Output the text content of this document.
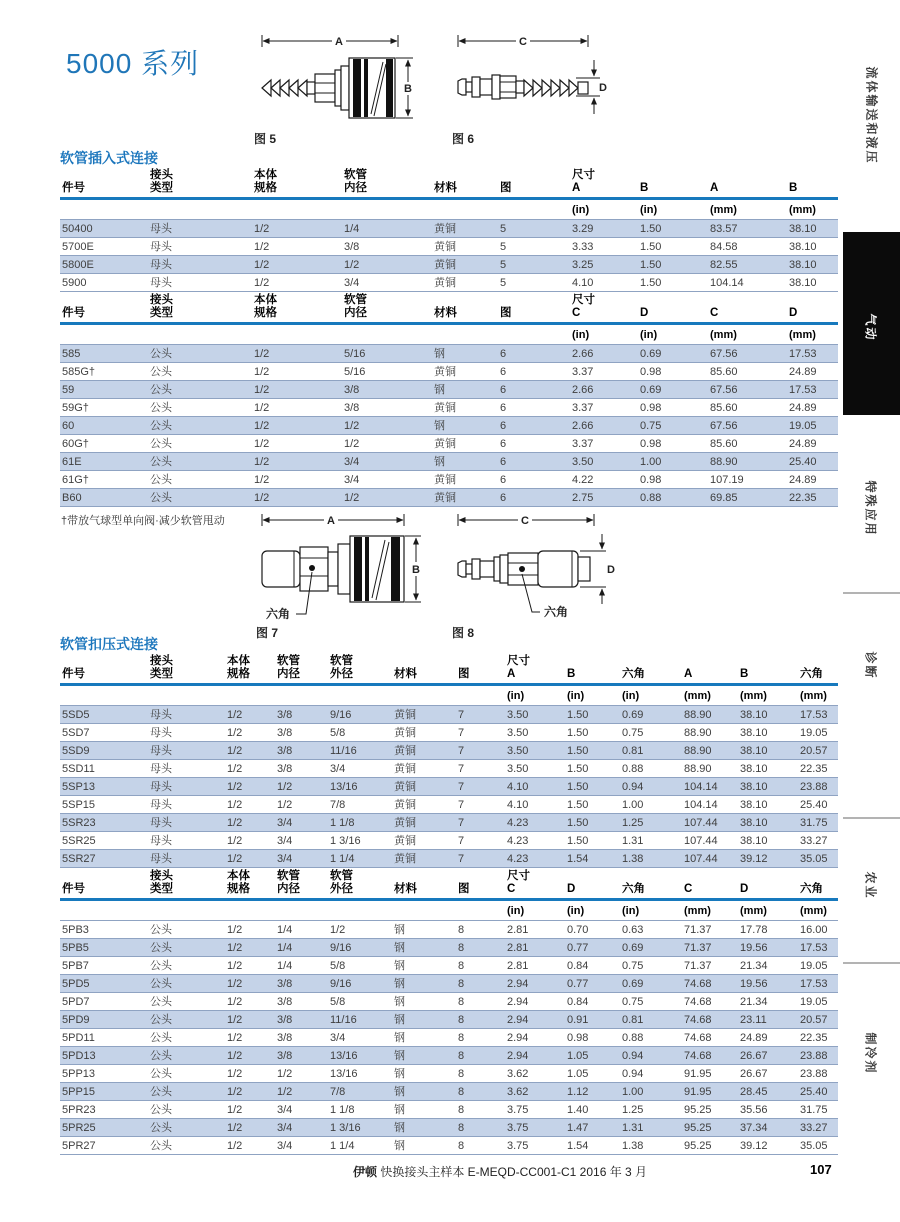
5000 系列
A
B
图 5
C
D
图 6
软管插入式连接
件号

接头
类型

本体
规格

软管
内径	材料	图

尺寸
A	B	A	B

						(in)	(in)	(mm)	(mm)
50400	母头	1/2	1/4	黄铜	5	3.29	1.50	83.57	38.10
5700E	母头	1/2	3/8	黄铜	5	3.33	1.50	84.58	38.10
5800E	母头	1/2	1/2	黄铜	5	3.25	1.50	82.55	38.10
5900	母头	1/2	3/4	黄铜	5	4.10	1.50	104.14	38.10
件号

接头
类型

本体
规格

软管
内径	材料	图

尺寸
C	D	C	D

						(in)	(in)	(mm)	(mm)
585	公头	1/2	5/16	钢	6	2.66	0.69	67.56	17.53
585G†	公头	1/2	5/16	黄铜	6	3.37	0.98	85.60	24.89
59	公头	1/2	3/8	钢	6	2.66	0.69	67.56	17.53
59G†	公头	1/2	3/8	黄铜	6	3.37	0.98	85.60	24.89
60	公头	1/2	1/2	钢	6	2.66	0.75	67.56	19.05
60G†	公头	1/2	1/2	黄铜	6	3.37	0.98	85.60	24.89
61E	公头	1/2	3/4	钢	6	3.50	1.00	88.90	25.40
61G†	公头	1/2	3/4	黄铜	6	4.22	0.98	107.19	24.89
B60	公头	1/2	1/2	黄铜	6	2.75	0.88	69.85	22.35
†带放气球型单向阀·减少软管甩动	A
B
六角
图 7
C
D
六角
图 8
软管扣压式连接
件号

接头
类型

本体
规格

软管
内径

软管
外径	材料	图

尺寸
A	B	六角	A	B	六角

							(in)	(in)	(in)	(mm)	(mm)	(mm)
5SD5	母头	1/2	3/8	9/16	黄铜	7	3.50	1.50	0.69	88.90	38.10	17.53
5SD7	母头	1/2	3/8	5/8	黄铜	7	3.50	1.50	0.75	88.90	38.10	19.05
5SD9	母头	1/2	3/8	11/16	黄铜	7	3.50	1.50	0.81	88.90	38.10	20.57
5SD11	母头	1/2	3/8	3/4	黄铜	7	3.50	1.50	0.88	88.90	38.10	22.35
5SP13	母头	1/2	1/2	13/16	黄铜	7	4.10	1.50	0.94	104.14	38.10	23.88
5SP15	母头	1/2	1/2	7/8	黄铜	7	4.10	1.50	1.00	104.14	38.10	25.40
5SR23	母头	1/2	3/4	1 1/8	黄铜	7	4.23	1.50	1.25	107.44	38.10	31.75
5SR25	母头	1/2	3/4	1 3/16	黄铜	7	4.23	1.50	1.31	107.44	38.10	33.27
5SR27	母头	1/2	3/4	1 1/4	黄铜	7	4.23	1.54	1.38	107.44	39.12	35.05
件号

接头
类型

本体
规格

软管
内径

软管
外径	材料	图

尺寸
C	D	六角	C	D	六角

							(in)	(in)	(in)	(mm)	(mm)	(mm)
5PB3	公头	1/2	1/4	1/2	钢	8	2.81	0.70	0.63	71.37	17.78	16.00
5PB5	公头	1/2	1/4	9/16	钢	8	2.81	0.77	0.69	71.37	19.56	17.53
5PB7	公头	1/2	1/4	5/8	钢	8	2.81	0.84	0.75	71.37	21.34	19.05
5PD5	公头	1/2	3/8	9/16	钢	8	2.94	0.77	0.69	74.68	19.56	17.53
5PD7	公头	1/2	3/8	5/8	钢	8	2.94	0.84	0.75	74.68	21.34	19.05
5PD9	公头	1/2	3/8	11/16	钢	8	2.94	0.91	0.81	74.68	23.11	20.57
5PD11	公头	1/2	3/8	3/4	钢	8	2.94	0.98	0.88	74.68	24.89	22.35
5PD13	公头	1/2	3/8	13/16	钢	8	2.94	1.05	0.94	74.68	26.67	23.88
5PP13	公头	1/2	1/2	13/16	钢	8	3.62	1.05	0.94	91.95	26.67	23.88
5PP15	公头	1/2	1/2	7/8	钢	8	3.62	1.12	1.00	91.95	28.45	25.40
5PR23	公头	1/2	3/4	1 1/8	钢	8	3.75	1.40	1.25	95.25	35.56	31.75
5PR25	公头	1/2	3/4	1 3/16	钢	8	3.75	1.47	1.31	95.25	37.34	33.27
5PR27	公头	1/2	3/4	1 1/4	钢	8	3.75	1.54	1.38	95.25	39.12	35.05
伊顿 快换接头主样本 E-MEQD-CC001-C1 2016 年 3 月	107
流体输送和液压
气动
特殊应用
诊断
农业
制冷剂
